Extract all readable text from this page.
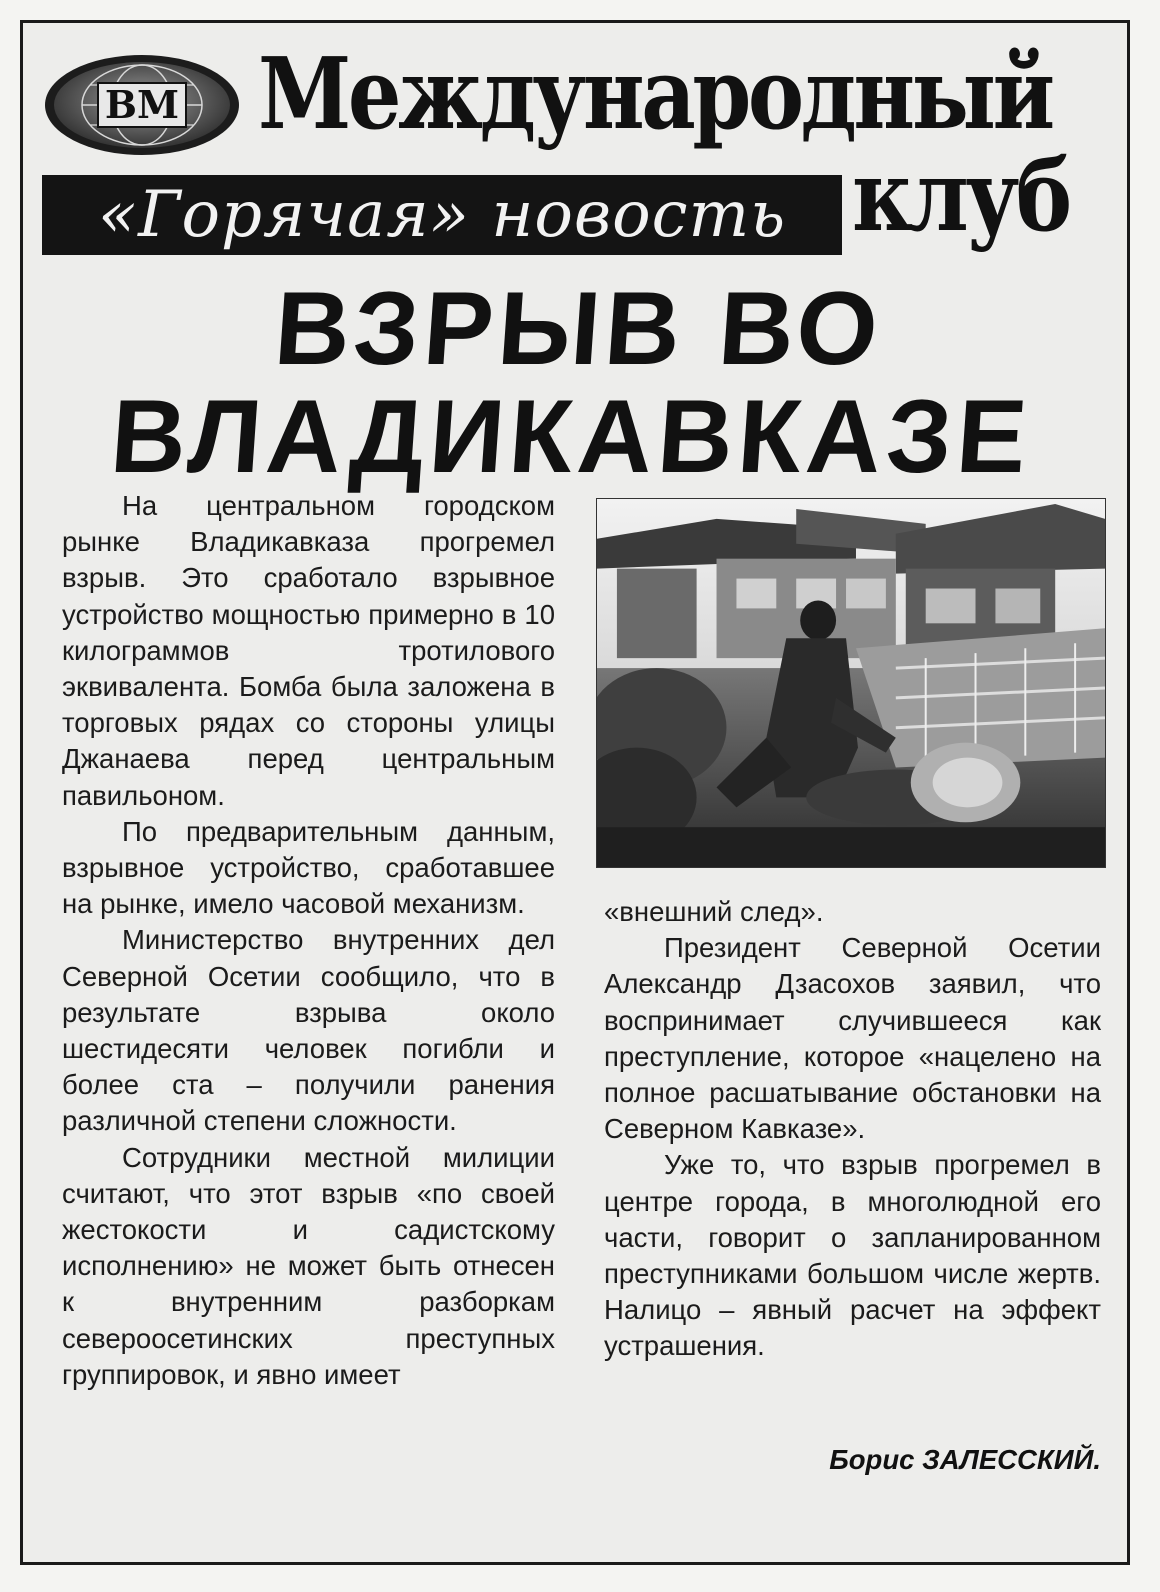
ВМ Международный
«Горячая» новость клуб
ВЗРЫВ ВО
ВЛАДИКАВКАЗЕ

На центральном городском рынке Владикавказа прогремел взрыв. Это сработало взрывное устройство мощностью примерно в 10 килограммов тротилового эквивалента. Бомба была заложена в торговых рядах со стороны улицы Джанаева перед центральным павильоном.

По предварительным данным, взрывное устройство, сработавшее на рынке, имело часовой механизм.

Министерство внутренних дел Северной Осетии сообщило, что в результате взрыва около шестидесяти человек погибли и более ста – получили ранения различной степени сложности.

Сотрудники местной милиции считают, что этот взрыв «по своей жестокости и садистскому исполнению» не может быть отнесен к внутренним разборкам североосетинских преступных группировок, и явно имеет

«внешний след».

Президент Северной Осетии Александр Дзасохов заявил, что воспринимает случившееся как преступление, которое «нацелено на полное расшатывание обстановки на Северном Кавказе».

Уже то, что взрыв прогремел в центре города, в многолюдной его части, говорит о запланированном преступниками большом числе жертв. Налицо – явный расчет на эффект устрашения.

Борис ЗАЛЕССКИЙ.
